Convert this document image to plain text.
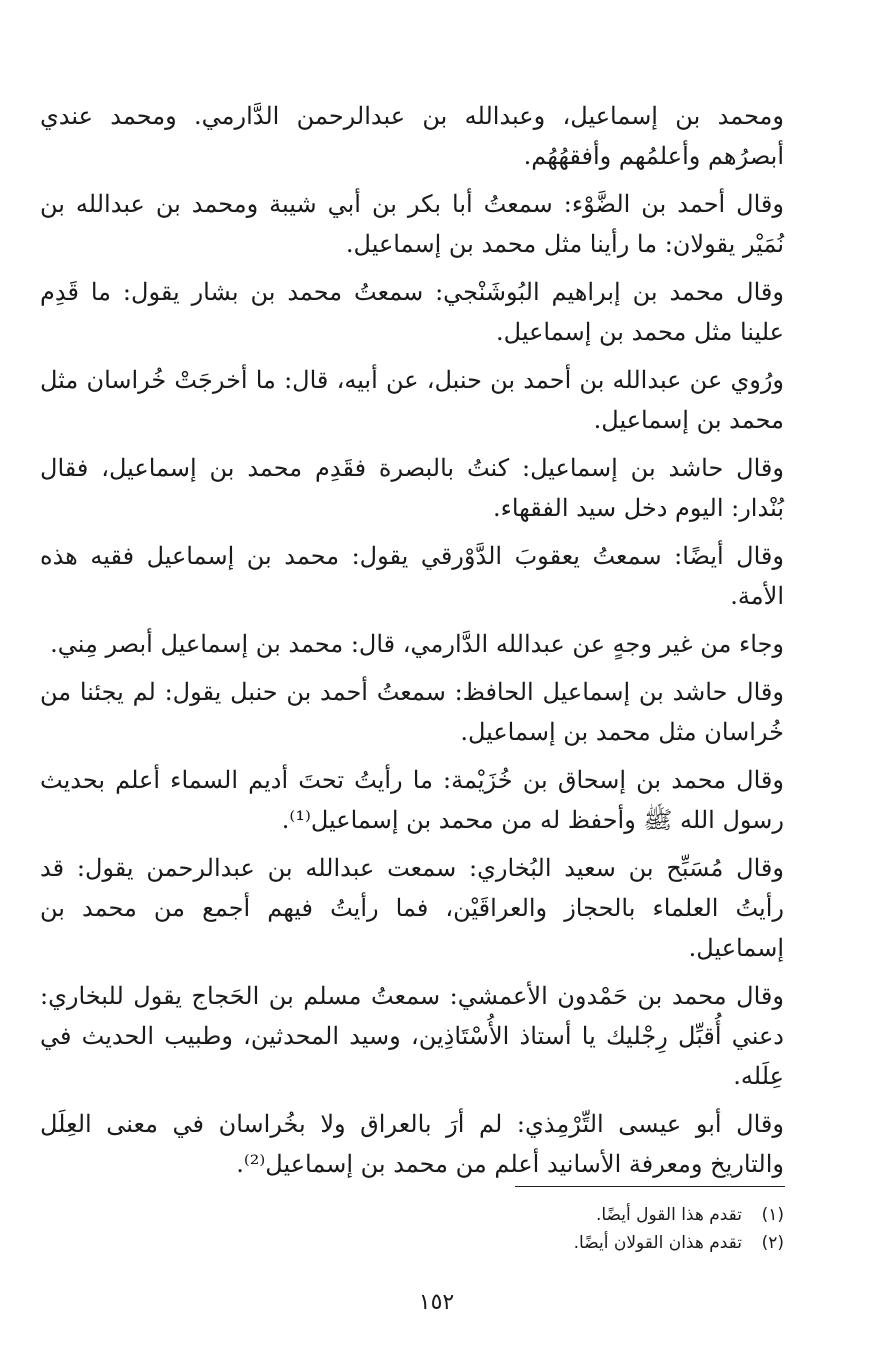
ومحمد بن إسماعيل، وعبدالله بن عبدالرحمن الدَّارمي. ومحمد عندي أبصرُهم وأعلمُهم وأفقهُهُم.

وقال أحمد بن الضَّوْء: سمعتُ أبا بكر بن أبي شيبة ومحمد بن عبدالله بن نُمَيْر يقولان: ما رأينا مثل محمد بن إسماعيل.

وقال محمد بن إبراهيم البُوشَنْجي: سمعتُ محمد بن بشار يقول: ما قَدِم علينا مثل محمد بن إسماعيل.

ورُوي عن عبدالله بن أحمد بن حنبل، عن أبيه، قال: ما أخرجَتْ خُراسان مثل محمد بن إسماعيل.

وقال حاشد بن إسماعيل: كنتُ بالبصرة فقَدِم محمد بن إسماعيل، فقال بُنْدار: اليوم دخل سيد الفقهاء.

وقال أيضًا: سمعتُ يعقوبَ الدَّوْرقي يقول: محمد بن إسماعيل فقيه هذه الأمة.

وجاء من غير وجهٍ عن عبدالله الدَّارمي، قال: محمد بن إسماعيل أبصر مِني.

وقال حاشد بن إسماعيل الحافظ: سمعتُ أحمد بن حنبل يقول: لم يجئنا من خُراسان مثل محمد بن إسماعيل.

وقال محمد بن إسحاق بن خُزَيْمة: ما رأيتُ تحتَ أديم السماء أعلم بحديث رسول الله ﷺ وأحفظ له من محمد بن إسماعيل⁽¹⁾.

وقال مُسَبِّح بن سعيد البُخاري: سمعت عبدالله بن عبدالرحمن يقول: قد رأيتُ العلماء بالحجاز والعراقَيْن، فما رأيتُ فيهم أجمع من محمد بن إسماعيل.

وقال محمد بن حَمْدون الأعمشي: سمعتُ مسلم بن الحَجاج يقول للبخاري: دعني أُقبِّل رِجْليك يا أستاذ الأُسْتَاذِين، وسيد المحدثين، وطبيب الحديث في عِلَله.

وقال أبو عيسى التِّرْمِذي: لم أرَ بالعراق ولا بخُراسان في معنى العِلَل والتاريخ ومعرفة الأسانيد أعلم من محمد بن إسماعيل⁽²⁾.

(١)
تقدم هذا القول أيضًا.
(٢)
تقدم هذان القولان أيضًا.
١٥٢
